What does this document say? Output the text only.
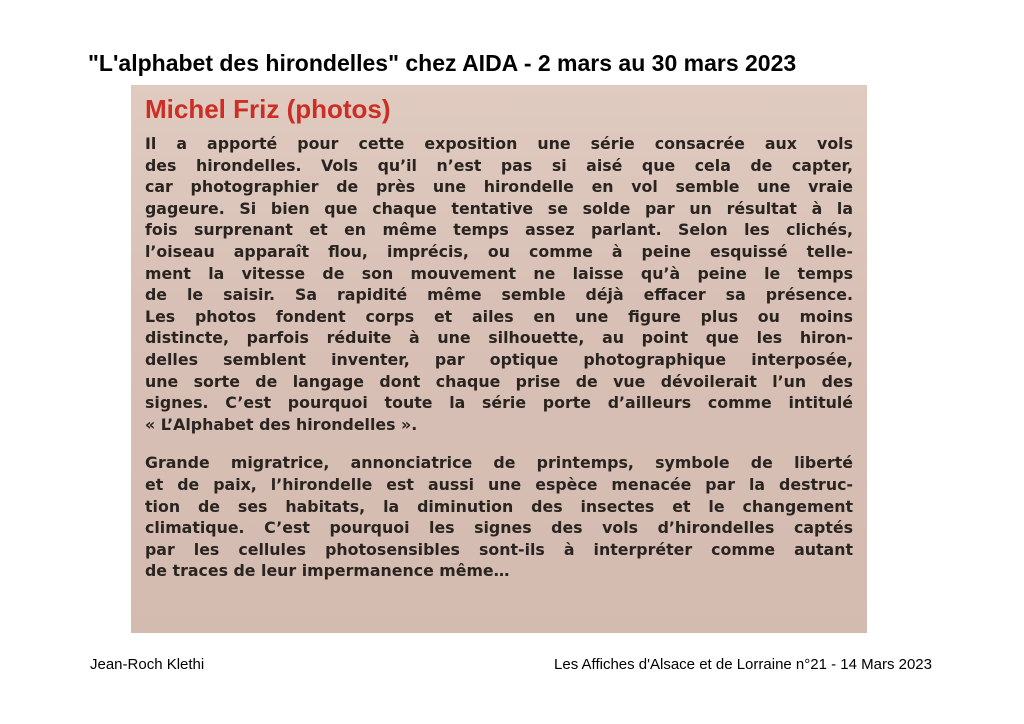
"L'alphabet des hirondelles" chez AIDA - 2 mars au 30 mars 2023
Michel Friz (photos)
Il a apporté pour cette exposition une série consacrée aux vols
des hirondelles. Vols qu’il n’est pas si aisé que cela de capter,
car photographier de près une hirondelle en vol semble une vraie
gageure. Si bien que chaque tentative se solde par un résultat à la
fois surprenant et en même temps assez parlant. Selon les clichés,
l’oiseau apparaît flou, imprécis, ou comme à peine esquissé telle-
ment la vitesse de son mouvement ne laisse qu’à peine le temps
de le saisir. Sa rapidité même semble déjà effacer sa présence.
Les photos fondent corps et ailes en une figure plus ou moins
distincte, parfois réduite à une silhouette, au point que les hiron-
delles semblent inventer, par optique photographique interposée,
une sorte de langage dont chaque prise de vue dévoilerait l’un des
signes. C’est pourquoi toute la série porte d’ailleurs comme intitulé
« L’Alphabet des hirondelles ».
Grande migratrice, annonciatrice de printemps, symbole de liberté
et de paix, l’hirondelle est aussi une espèce menacée par la destruc-
tion de ses habitats, la diminution des insectes et le changement
climatique. C’est pourquoi les signes des vols d’hirondelles captés
par les cellules photosensibles sont-ils à interpréter comme autant
de traces de leur impermanence même…
Jean-Roch Klethi	Les Affiches d'Alsace et de Lorraine n°21 - 14 Mars 2023
